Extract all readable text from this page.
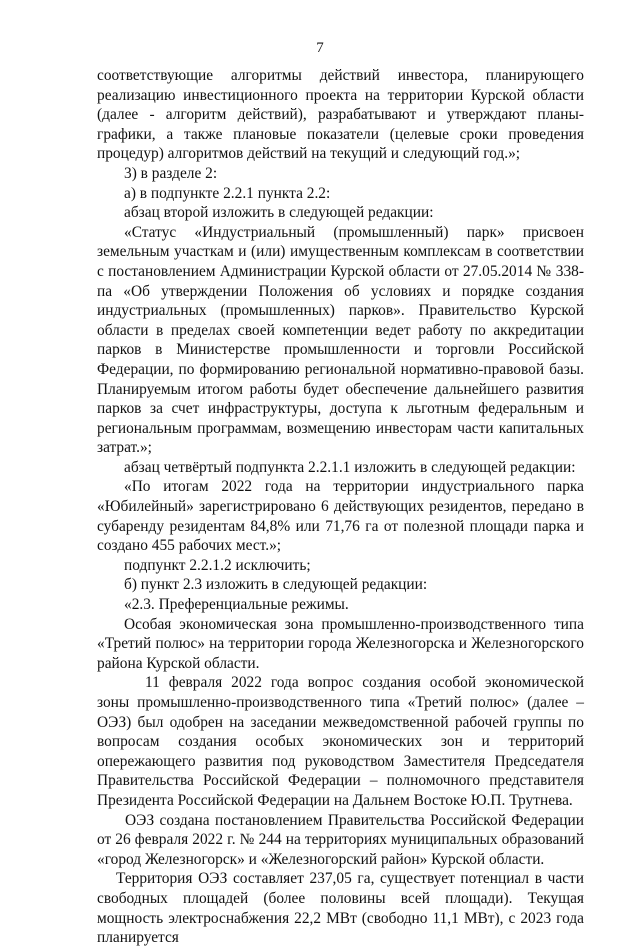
7

соответствующие алгоритмы действий инвестора, планирующего реализацию инвестиционного проекта на территории Курской области (далее - алгоритм действий), разрабатывают и утверждают планы-графики, а также плановые показатели (целевые сроки проведения процедур) алгоритмов действий на текущий и следующий год.»;

3) в разделе 2:

а) в подпункте 2.2.1 пункта 2.2:

абзац второй изложить в следующей редакции:

«Статус «Индустриальный (промышленный) парк» присвоен земельным участкам и (или) имущественным комплексам в соответствии с постановлением Администрации Курской области от 27.05.2014 № 338-па «Об утверждении Положения об условиях и порядке создания индустриальных (промышленных) парков». Правительство Курской области в пределах своей компетенции ведет работу по аккредитации парков в Министерстве промышленности и торговли Российской Федерации, по формированию региональной нормативно-правовой базы. Планируемым итогом работы будет обеспечение дальнейшего развития парков за счет инфраструктуры, доступа к льготным федеральным и региональным программам, возмещению инвесторам части капитальных затрат.»;

абзац четвёртый подпункта 2.2.1.1 изложить в следующей редакции:

«По итогам 2022 года на территории индустриального парка «Юбилейный» зарегистрировано 6 действующих резидентов, передано в субаренду резидентам 84,8% или 71,76 га от полезной площади парка и создано 455 рабочих мест.»;

подпункт 2.2.1.2 исключить;

б) пункт 2.3 изложить в следующей редакции:

«2.3. Преференциальные режимы.

Особая экономическая зона промышленно-производственного типа «Третий полюс» на территории города Железногорска и Железногорского района Курской области.

11 февраля 2022 года вопрос создания особой экономической зоны промышленно-производственного типа «Третий полюс» (далее – ОЭЗ) был одобрен на заседании межведомственной рабочей группы по вопросам создания особых экономических зон и территорий опережающего развития под руководством Заместителя Председателя Правительства Российской Федерации – полномочного представителя Президента Российской Федерации на Дальнем Востоке Ю.П. Трутнева.

ОЭЗ создана постановлением Правительства Российской Федерации от 26 февраля 2022 г. № 244 на территориях муниципальных образований «город Железногорск» и «Железногорский район» Курской области.

Территория ОЭЗ составляет 237,05 га, существует потенциал в части свободных площадей (более половины всей площади). Текущая мощность электроснабжения 22,2 МВт (свободно 11,1 МВт), с 2023 года планируется
